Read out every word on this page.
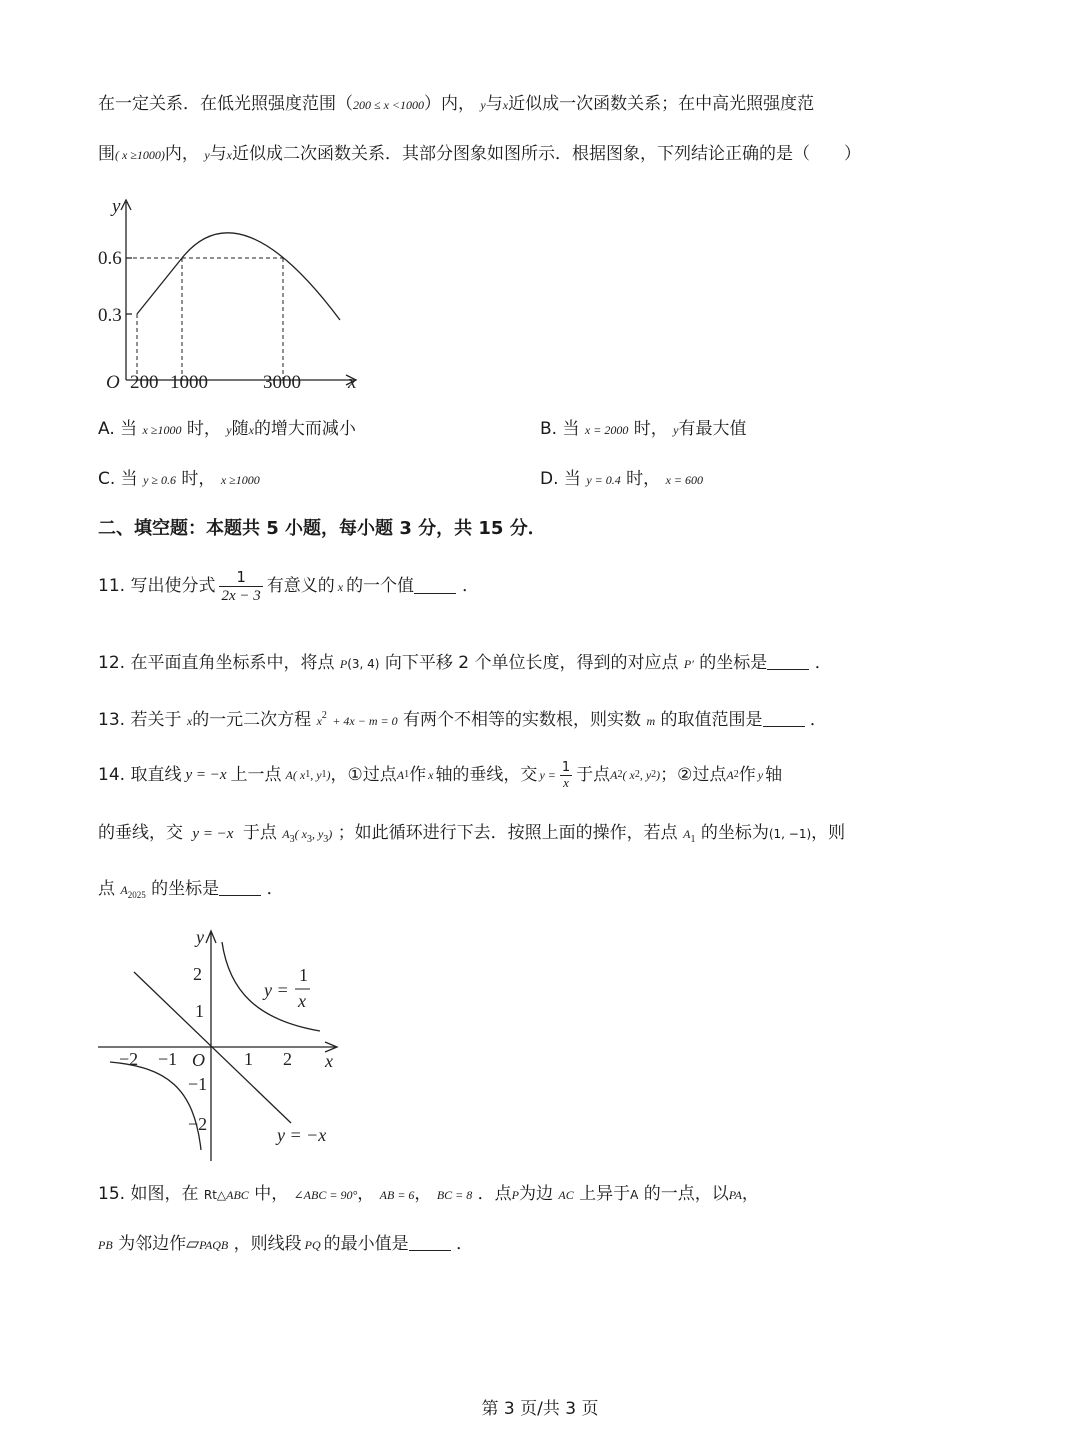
在一定关系．在低光照强度范围（200 ≤ x <1000）内， y与x近似成一次函数关系；在中高光照强度范
围( x ≥1000)内， y与x近似成二次函数关系．其部分图象如图所示．根据图象，下列结论正确的是（　　）
y
x
O
0.6
0.3
200 1000	3000
A. 当 x ≥1000 时， y随x的增大而减小	B. 当 x = 2000 时， y有最大值
C. 当 y ≥ 0.6 时， x ≥1000	D. 当 y = 0.4 时， x = 600
二、填空题：本题共 5 小题，每小题 3 分，共 15 分．
11. 写出使分式 $\frac{1}{2x - 3}$ 有意义的 x 的一个值	．
12. 在平面直角坐标系中，将点 P(3, 4) 向下平移 2 个单位长度，得到的对应点 P′ 的坐标是	．
13. 若关于 x的一元二次方程 $x^2 + 4x - m = 0$ 有两个不相等的实数根，则实数 m 的取值范围是	．
14. 取直线 y = −x 上一点 A ( x 1 , y 1 ) ，①过点 A 1 作 x 轴的垂线，交 $y = \frac{1}{x}$ 于点 A 2 ( x 2 , y 2 ) ；②过点 A 2 作 y 轴
的垂线，交 y = −x 于点 $A_3$( $x_3$, $y_3$) ；如此循环进行下去．按照上面的操作，若点 $A_1$ 的坐标为(1, −1)，则
点 $A_{2025}$ 的坐标是	．
y
x
O
2
1
−1
−2
−2 −1	1 2
y =
1
x
y = −x
15. 如图，在 Rt△ABC 中， ∠ABC = 90°， AB = 6， BC = 8 ．点P为边 AC 上异于A 的一点，以PA，
PB 为邻边作▱PAQB ，则线段 PQ 的最小值是	．
第 3 页/共 3 页
